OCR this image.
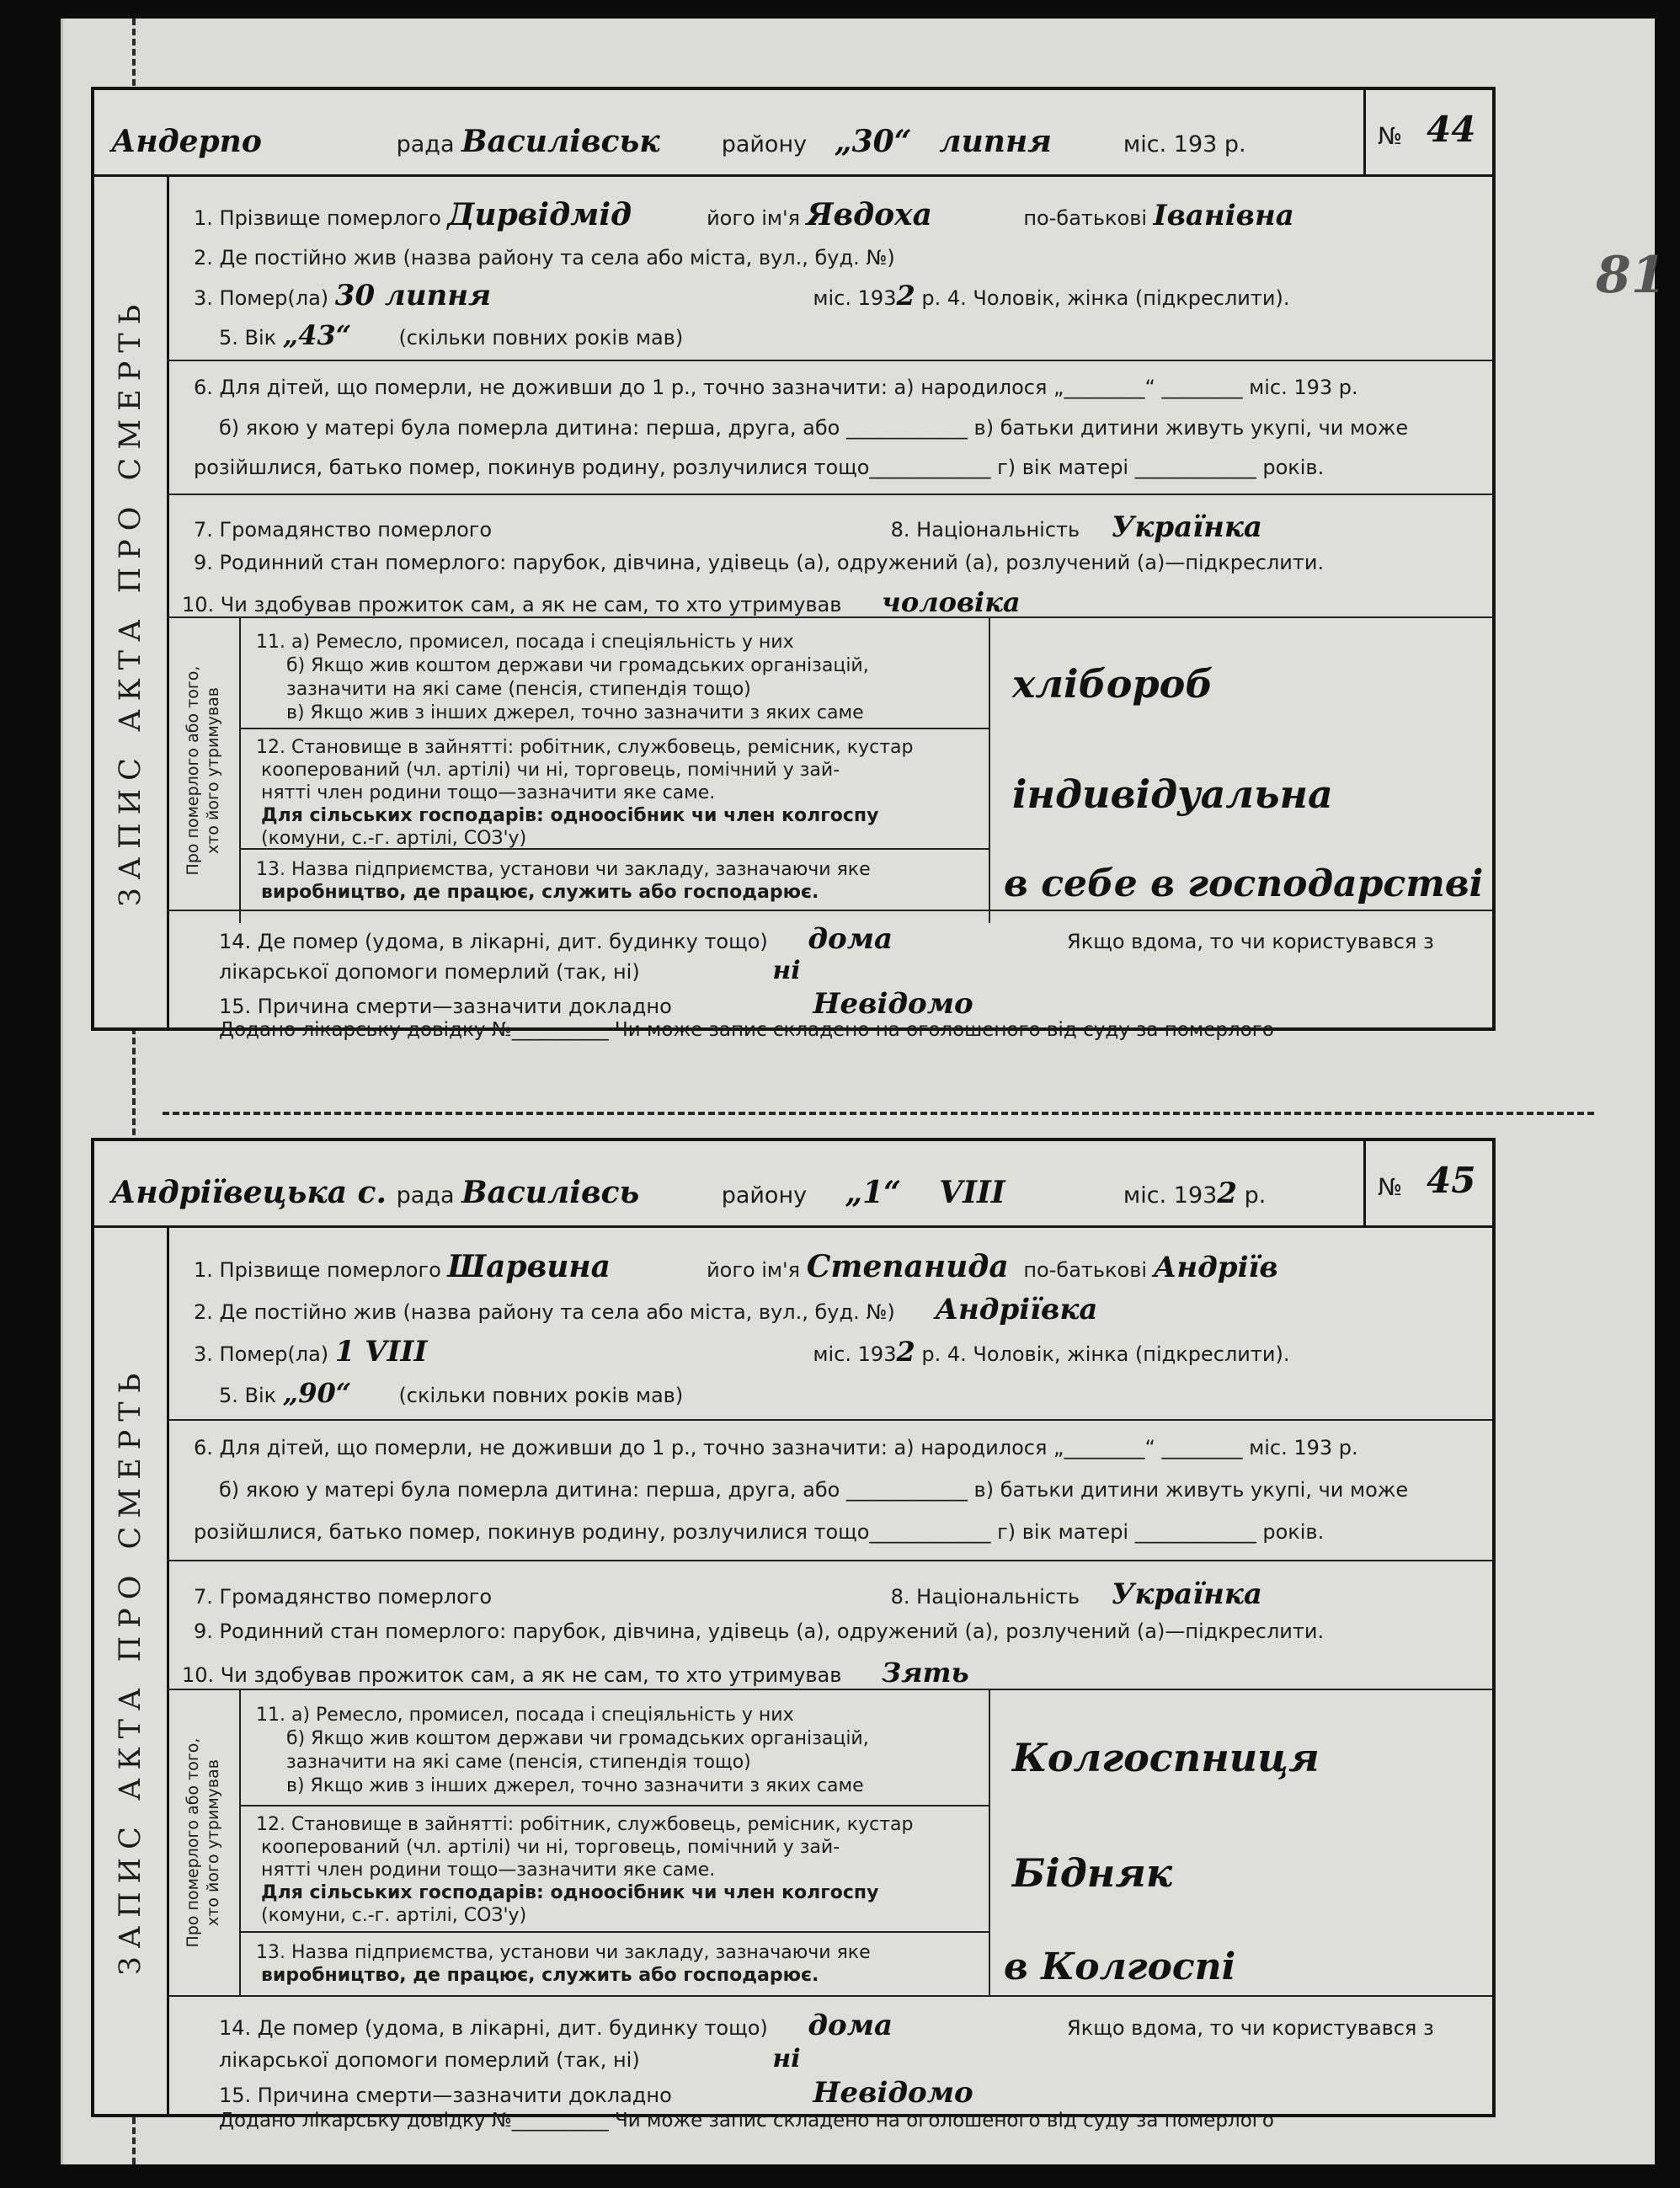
81
Андерпо	рада Василівськ	району „30“ липня	міс. 193 р.	№ 44
ЗАПИС АКТА ПРО СМЕРТЬ
1. Прізвище померлого Дирвідмід	його ім'я Явдоха	по-батькові Іванівна
2. Де постійно жив (назва району та села або міста, вул., буд. №)
3. Помер(ла) 30 липня	міс. 1932 р. 4. Чоловік, жінка (підкреслити).
5. Вік „43“ (скільки повних років мав)
6. Для дітей, що померли, не доживши до 1 р., точно зазначити: а) народилося „________“ ________ міс. 193 р.
б) якою у матері була померла дитина: перша, друга, або ____________ в) батьки дитини живуть укупі, чи може
розійшлися, батько помер, покинув родину, розлучилися тощо____________ г) вік матері ____________ років.
7. Громадянство померлого	8. Національність Українка
9. Родинний стан померлого: парубок, дівчина, удівець (а), одружений (а), розлучений (а)—підкреслити.
10. Чи здобував прожиток сам, а як не сам, то хто утримував чоловіка
Про померлого або того,
хто його утримував
11. а) Ремесло, промисел, посада і спеціяльність у них
б) Якщо жив коштом держави чи громадських організацій,
зазначити на які саме (пенсія, стипендія тощо)
в) Якщо жив з інших джерел, точно зазначити з яких саме
хлібороб
12. Становище в зайнятті: робітник, службовець, ремісник, кустар
кооперований (чл. артілі) чи ні, торговець, помічний у зай-
нятті член родини тощо—зазначити яке саме.
Для сільських господарів: одноосібник чи член колгоспу
(комуни, с.-г. артілі, СОЗ'у)
індивідуальна
13. Назва підприємства, установи чи закладу, зазначаючи яке
виробництво, де працює, служить або господарює.	в себе в господарстві
14. Де помер (удома, в лікарні, дит. будинку тощо) дома	Якщо вдома, то чи користувався з
лікарської допомоги померлий (так, ні)	ні
15. Причина смерти—зазначити докладно	Невідомо
Додано лікарську довідку №__________ Чи може запис складено на оголошеного від суду за померлого
Андріївецька с. рада Василівсь	району „1“ VIII	міс. 1932 р.	№ 45
ЗАПИС АКТА ПРО СМЕРТЬ
1. Прізвище померлого Шарвина	його ім'я Степанида по-батькові Андріїв
2. Де постійно жив (назва району та села або міста, вул., буд. №) Андріївка
3. Помер(ла) 1 VIII	міс. 1932 р. 4. Чоловік, жінка (підкреслити).
5. Вік „90“ (скільки повних років мав)
6. Для дітей, що померли, не доживши до 1 р., точно зазначити: а) народилося „________“ ________ міс. 193 р.
б) якою у матері була померла дитина: перша, друга, або ____________ в) батьки дитини живуть укупі, чи може
розійшлися, батько помер, покинув родину, розлучилися тощо____________ г) вік матері ____________ років.
7. Громадянство померлого	8. Національність Українка
9. Родинний стан померлого: парубок, дівчина, удівець (а), одружений (а), розлучений (а)—підкреслити.
10. Чи здобував прожиток сам, а як не сам, то хто утримував Зять
Про померлого або того,
хто його утримував
11. а) Ремесло, промисел, посада і спеціяльність у них
б) Якщо жив коштом держави чи громадських організацій,
зазначити на які саме (пенсія, стипендія тощо)
в) Якщо жив з інших джерел, точно зазначити з яких саме
Колгоспниця
12. Становище в зайнятті: робітник, службовець, ремісник, кустар
кооперований (чл. артілі) чи ні, торговець, помічний у зай-
нятті член родини тощо—зазначити яке саме.
Для сільських господарів: одноосібник чи член колгоспу
(комуни, с.-г. артілі, СОЗ'у)
Бідняк
13. Назва підприємства, установи чи закладу, зазначаючи яке
виробництво, де працює, служить або господарює.	в Колгоспі
14. Де помер (удома, в лікарні, дит. будинку тощо) дома	Якщо вдома, то чи користувався з
лікарської допомоги померлий (так, ні)	ні
15. Причина смерти—зазначити докладно	Невідомо
Додано лікарську довідку №__________ Чи може запис складено на оголошеного від суду за померлого
